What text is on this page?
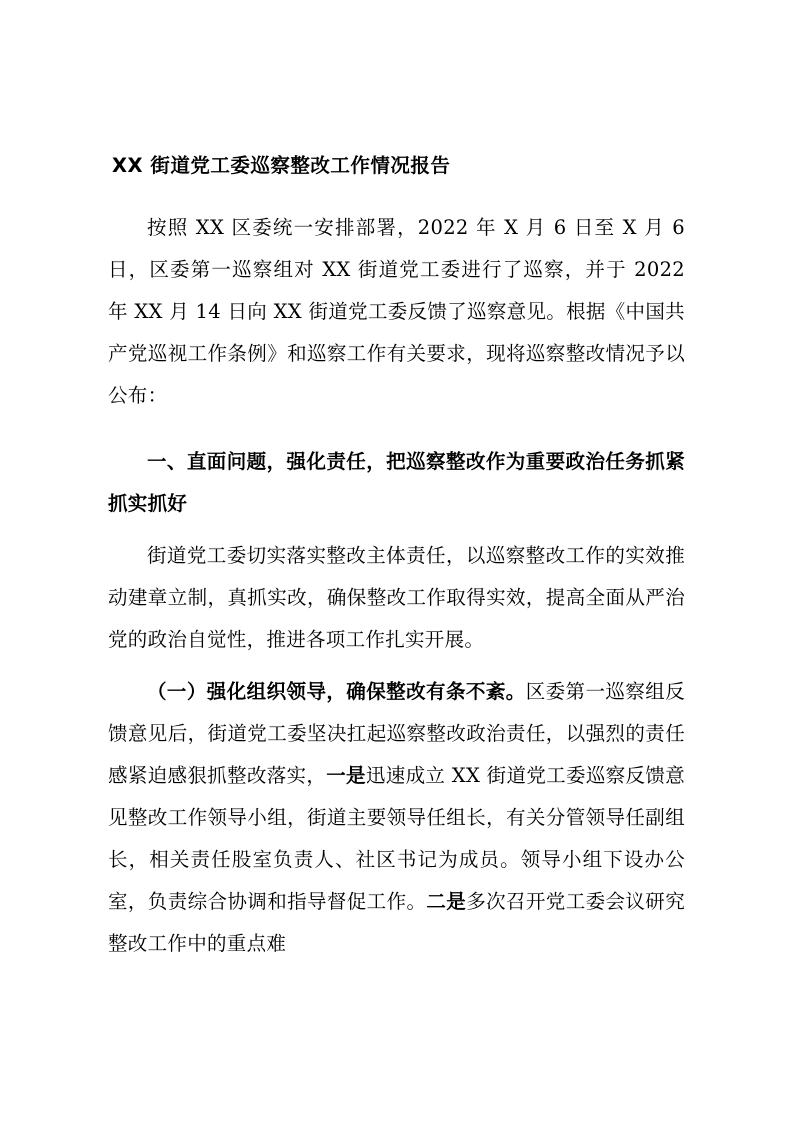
XX 街道党工委巡察整改工作情况报告

按照 XX 区委统一安排部署，2022 年 X 月 6 日至 X 月 6 日，区委第一巡察组对 XX 街道党工委进行了巡察，并于 2022 年 XX 月 14 日向 XX 街道党工委反馈了巡察意见。根据《中国共产党巡视工作条例》和巡察工作有关要求，现将巡察整改情况予以公布：

一、直面问题，强化责任，把巡察整改作为重要政治任务抓紧抓实抓好

街道党工委切实落实整改主体责任，以巡察整改工作的实效推动建章立制，真抓实改，确保整改工作取得实效，提高全面从严治党的政治自觉性，推进各项工作扎实开展。

（一）强化组织领导，确保整改有条不紊。区委第一巡察组反馈意见后，街道党工委坚决扛起巡察整改政治责任，以强烈的责任感紧迫感狠抓整改落实，一是迅速成立 XX 街道党工委巡察反馈意见整改工作领导小组，街道主要领导任组长，有关分管领导任副组长，相关责任股室负责人、社区书记为成员。领导小组下设办公室，负责综合协调和指导督促工作。二是多次召开党工委会议研究整改工作中的重点难
